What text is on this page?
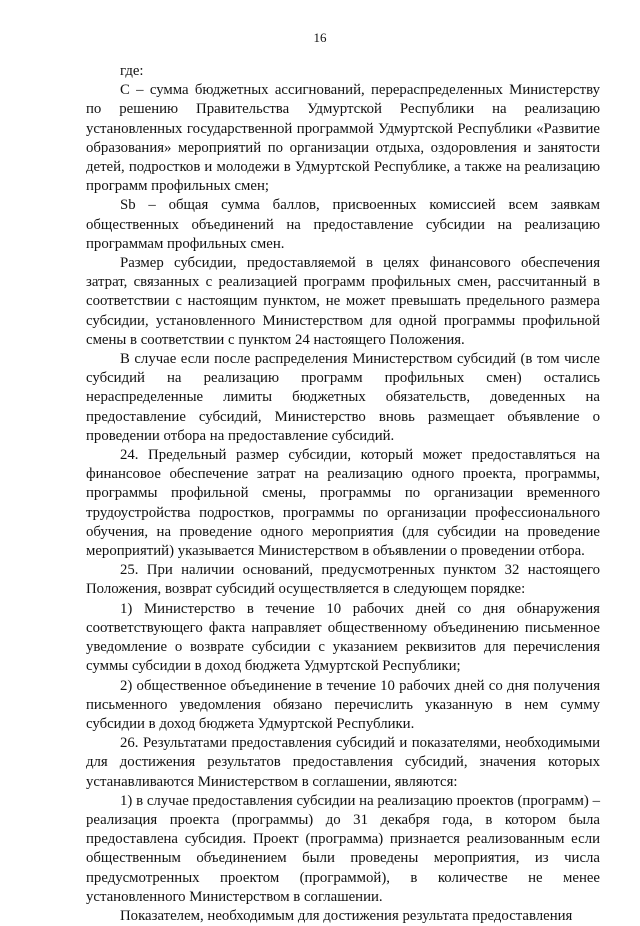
16

где:

C – сумма бюджетных ассигнований, перераспределенных Министерству по решению Правительства Удмуртской Республики на реализацию установленных государственной программой Удмуртской Республики «Развитие образования» мероприятий по организации отдыха, оздоровления и занятости детей, подростков и молодежи в Удмуртской Республике, а также на реализацию программ профильных смен;

Sb – общая сумма баллов, присвоенных комиссией всем заявкам общественных объединений на предоставление субсидии на реализацию программам профильных смен.

Размер субсидии, предоставляемой в целях финансового обеспечения затрат, связанных с реализацией программ профильных смен, рассчитанный в соответствии с настоящим пунктом, не может превышать предельного размера субсидии, установленного Министерством для одной программы профильной смены в соответствии с пунктом 24 настоящего Положения.

В случае если после распределения Министерством субсидий (в том числе субсидий на реализацию программ профильных смен) остались нераспределенные лимиты бюджетных обязательств, доведенных на предоставление субсидий, Министерство вновь размещает объявление о проведении отбора на предоставление субсидий.

24. Предельный размер субсидии, который может предоставляться на финансовое обеспечение затрат на реализацию одного проекта, программы, программы профильной смены, программы по организации временного трудоустройства подростков, программы по организации профессионального обучения, на проведение одного мероприятия (для субсидии на проведение мероприятий) указывается Министерством в объявлении о проведении отбора.

25. При наличии оснований, предусмотренных пунктом 32 настоящего Положения, возврат субсидий осуществляется в следующем порядке:

1) Министерство в течение 10 рабочих дней со дня обнаружения соответствующего факта направляет общественному объединению письменное уведомление о возврате субсидии с указанием реквизитов для перечисления суммы субсидии в доход бюджета Удмуртской Республики;

2) общественное объединение в течение 10 рабочих дней со дня получения письменного уведомления обязано перечислить указанную в нем сумму субсидии в доход бюджета Удмуртской Республики.

26. Результатами предоставления субсидий и показателями, необходимыми для достижения результатов предоставления субсидий, значения которых устанавливаются Министерством в соглашении, являются:

1) в случае предоставления субсидии на реализацию проектов (программ) – реализация проекта (программы) до 31 декабря года, в котором была предоставлена субсидия. Проект (программа) признается реализованным если общественным объединением были проведены мероприятия, из числа предусмотренных проектом (программой), в количестве не менее установленного Министерством в соглашении.

Показателем, необходимым для достижения результата предоставления
